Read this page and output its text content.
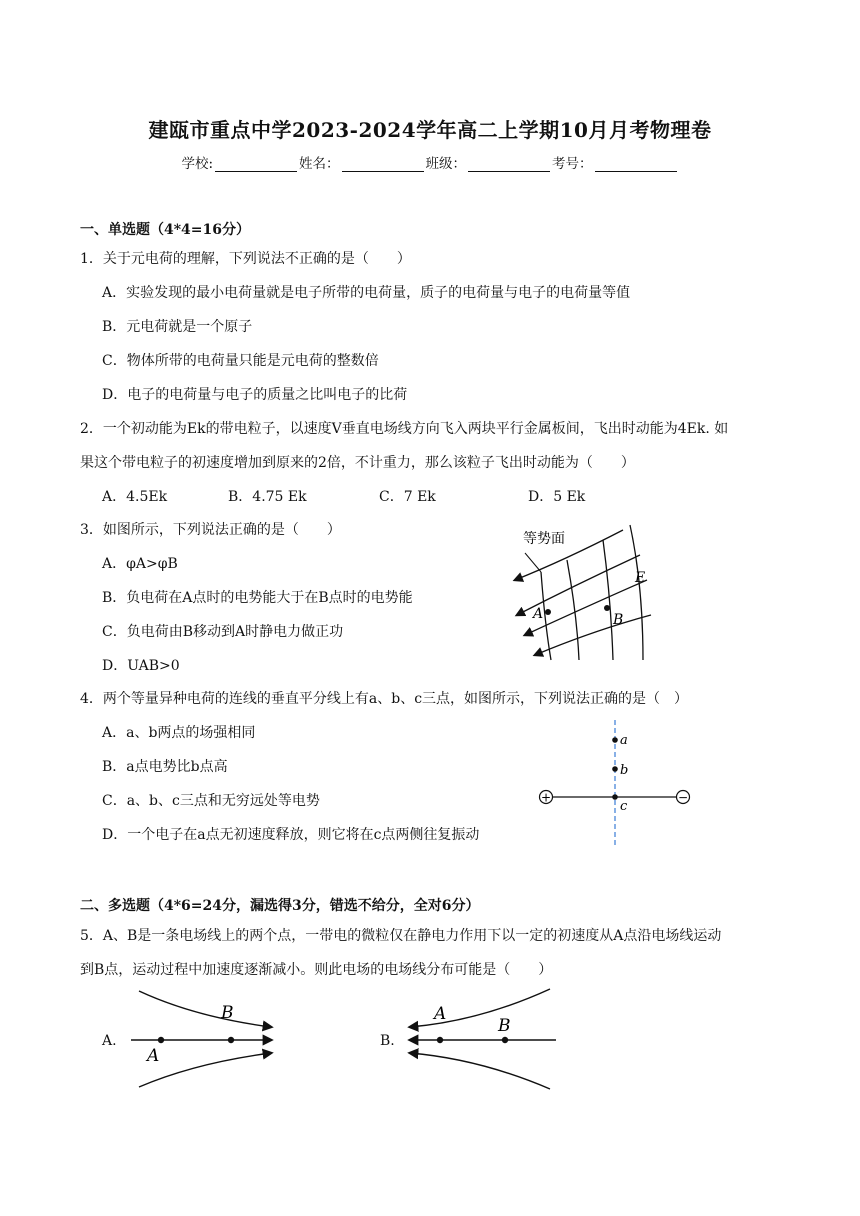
建瓯市重点中学2023-2024学年高二上学期10月月考物理卷
学校:	姓名：	班级：	考号：
一、单选题（4*4=16分）
1．关于元电荷的理解，下列说法不正确的是（　　）
A．实验发现的最小电荷量就是电子所带的电荷量，质子的电荷量与电子的电荷量等值
B．元电荷就是一个原子
C．物体所带的电荷量只能是元电荷的整数倍
D．电子的电荷量与电子的质量之比叫电子的比荷
2．一个初动能为Ek的带电粒子，以速度V垂直电场线方向飞入两块平行金属板间，飞出时动能为4Ek. 如
果这个带电粒子的初速度增加到原来的2倍，不计重力，那么该粒子飞出时动能为（　　）
A．4.5Ek	B．4.75 Ek	C．7 Ek	D．5 Ek
3．如图所示，下列说法正确的是（　　）
A．φA>φB
B．负电荷在A点时的电势能大于在B点时的电势能
C．负电荷由B移动到A时静电力做正功
D．UAB>0
等势面
E
A	B
4．两个等量异种电荷的连线的垂直平分线上有a、b、c三点，如图所示，下列说法正确的是（　）
A．a、b两点的场强相同
B．a点电势比b点高
C．a、b、c三点和无穷远处等电势
D．一个电子在a点无初速度释放，则它将在c点两侧往复振动
+	−
a
b
c
二、多选题（4*6=24分，漏选得3分，错选不给分，全对6分）
5．A、B是一条电场线上的两个点，一带电的微粒仅在静电力作用下以一定的初速度从A点沿电场线运动
到B点，运动过程中加速度逐渐减小。则此电场的电场线分布可能是（　　）
A.
A
B
B.
A
B
